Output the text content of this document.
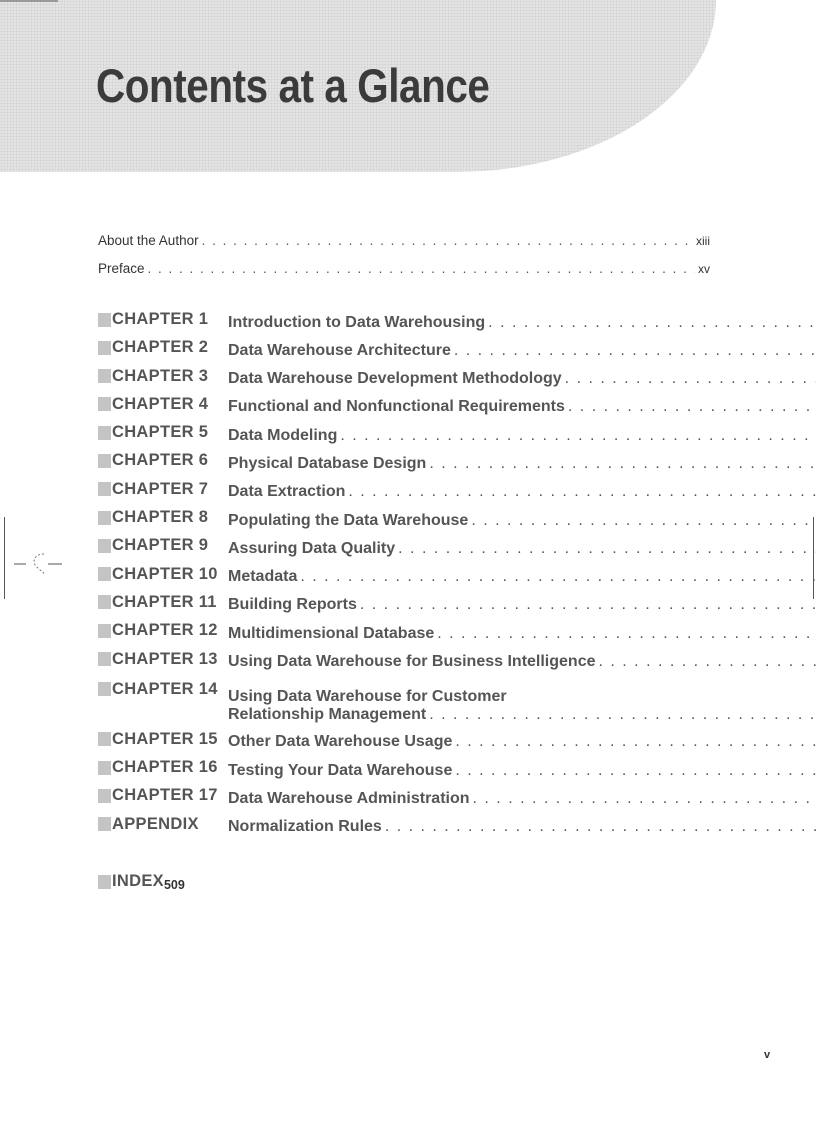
Contents at a Glance
About the Author . . .	xiii
Preface . . .	xv
CHAPTER 1 Introduction to Data Warehousing
. . .
CHAPTER 2 Data Warehouse Architecture
. . .
CHAPTER 3 Data Warehouse Development Methodology
. . .
CHAPTER 4 Functional and Nonfunctional Requirements
. . .
CHAPTER 5 Data Modeling
. . .
CHAPTER 6 Physical Database Design
. . .
CHAPTER 7 Data Extraction
. . .
CHAPTER 8 Populating the Data Warehouse
. . .
CHAPTER 9 Assuring Data Quality
. . .
CHAPTER 10 Metadata
. . .
CHAPTER 11 Building Reports
. . .
CHAPTER 12 Multidimensional Database
. . .
CHAPTER 13 Using Data Warehouse for Business Intelligence
. . .
CHAPTER 14 Using Data Warehouse for Customer
Relationship Management
. . .
CHAPTER 15 Other Data Warehouse Usage
. . .
CHAPTER 16 Testing Your Data Warehouse
. . .
CHAPTER 17 Data Warehouse Administration
. . .
APPENDIX Normalization Rules
. . .
INDEX 509
v
